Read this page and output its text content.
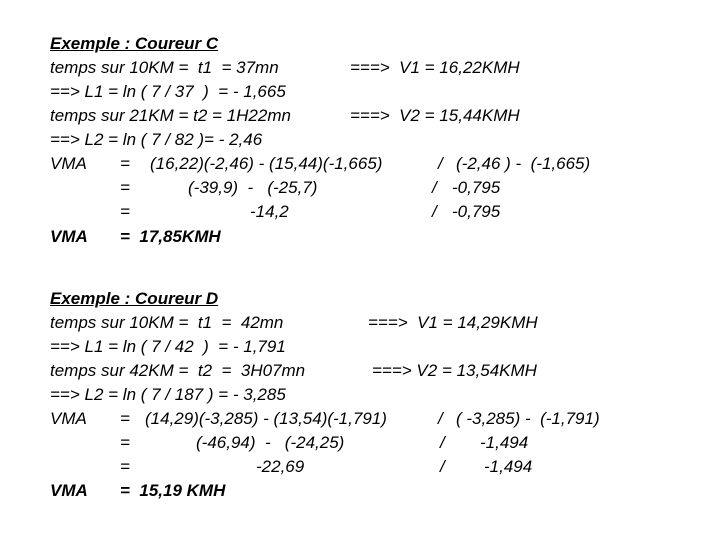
Exemple : Coureur C
temps sur 10KM =  t1  = 37mn	===>  V1 = 16,22KMH
==> L1 = ln ( 7 / 37  )  = - 1,665
temps sur 21KM = t2 = 1H22mn	===>  V2 = 15,44KMH
==> L2 = ln ( 7 / 82 )= - 2,46
VMA = (16,22)(-2,46) - (15,44)(-1,665)	/ (-2,46 ) -  (-1,665)
=	(-39,9)  -   (-25,7)	/ -0,795
=	-14,2	/ -0,795
VMA =  17,85KMH
Exemple : Coureur D
temps sur 10KM =  t1  =  42mn	===>  V1 = 14,29KMH
==> L1 = ln ( 7 / 42  )  = - 1,791
temps sur 42KM =  t2  =  3H07mn	===> V2 = 13,54KMH
==> L2 = ln ( 7 / 187 ) = - 3,285
VMA = (14,29)(-3,285) - (13,54)(-1,791)	/ ( -3,285) -  (-1,791)
=	(-46,94)  -   (-24,25)	/ -1,494
=	-22,69	/ -1,494
VMA =  15,19 KMH
